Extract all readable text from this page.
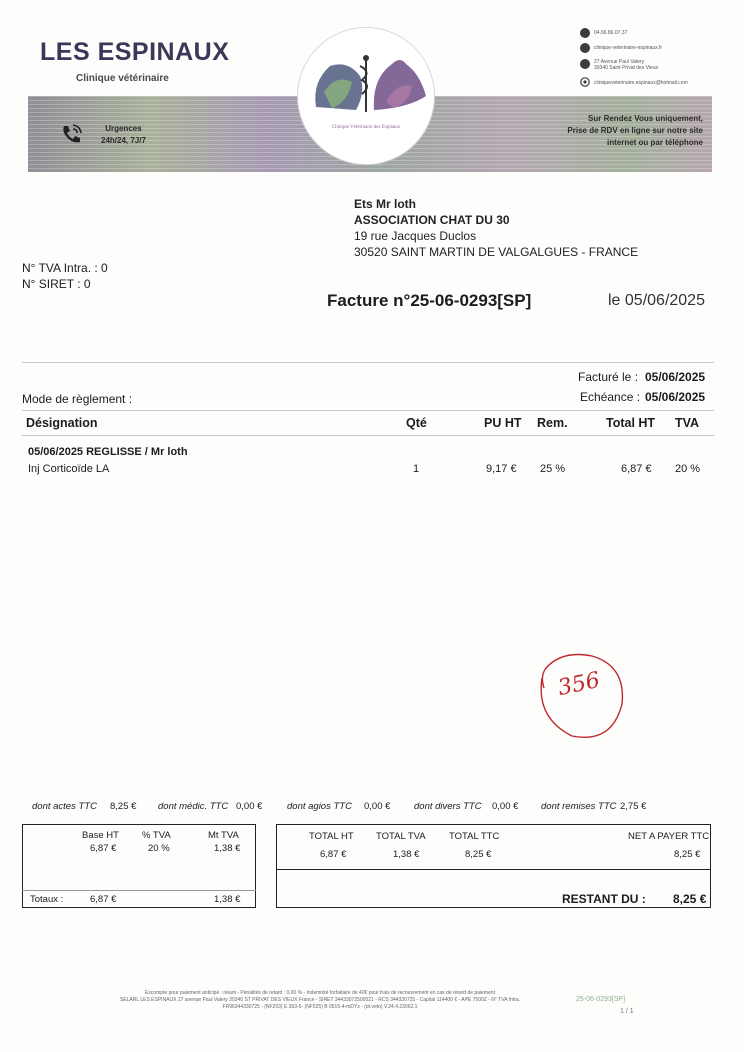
LES ESPINAUX
Clinique vétérinaire
Urgences
24h/24, 7J/7
Sur Rendez Vous uniquement,
Prise de RDV en ligne sur notre site
internet ou par téléphone
Clinique Vétérinaire des Espinaux
04.66.86.07.37
clinique-veterinaire-espinaux.fr
27 Avenue Paul Valery
30340 Saint Privat des Vieux
cliniqueveterinaire.espinaux@hotmail.com
Ets Mr loth
ASSOCIATION CHAT DU 30
19 rue Jacques Duclos
30520 SAINT MARTIN DE VALGALGUES - FRANCE
N° TVA Intra. : 0
N° SIRET : 0
Facture n°25-06-0293[SP]	le 05/06/2025
Facturé le : 05/06/2025
Echéance : 05/06/2025
Mode de règlement :
Désignation	Qté	PU HT Rem.	Total HT TVA
05/06/2025 REGLISSE / Mr loth
Inj Corticoïde LA	1	9,17 € 25 %	6,87 € 20 %
356
dont actes TTC 8,25 € dont médic. TTC 0,00 €	dont agios TTC 0,00 € dont divers TTC 0,00 € dont remises TTC 2,75 €
Base HT % TVA	Mt TVA
6,87 €	20 %	1,38 €
Totaux :	6,87 €	1,38 €
TOTAL HT TOTAL TVA TOTAL TTC	NET A PAYER TTC
6,87 €	1,38 €	8,25 €	8,25 €
RESTANT DU : 8,25 €
Escompte pour paiement anticipé : néant - Pénalités de retard : 0,00 % - Indemnité forfaitaire de 40€ pour frais de recouvrement en cas de retard de paiement
SELARL LES ESPINAUX 27 avenue Paul Valery 30340 ST PRIVAT DES VIEUX France - SIRET 34433072500021 - RCS 344330725 - Capital 114400 € - APE 7500Z - N° TVA Intra.
FR96344330725 - (NF203) E 363-5- (NF525) B 0515-4-mDYz - (dr.veto) V.24.4.23062.1
25-06-0293[SP]
1 / 1
